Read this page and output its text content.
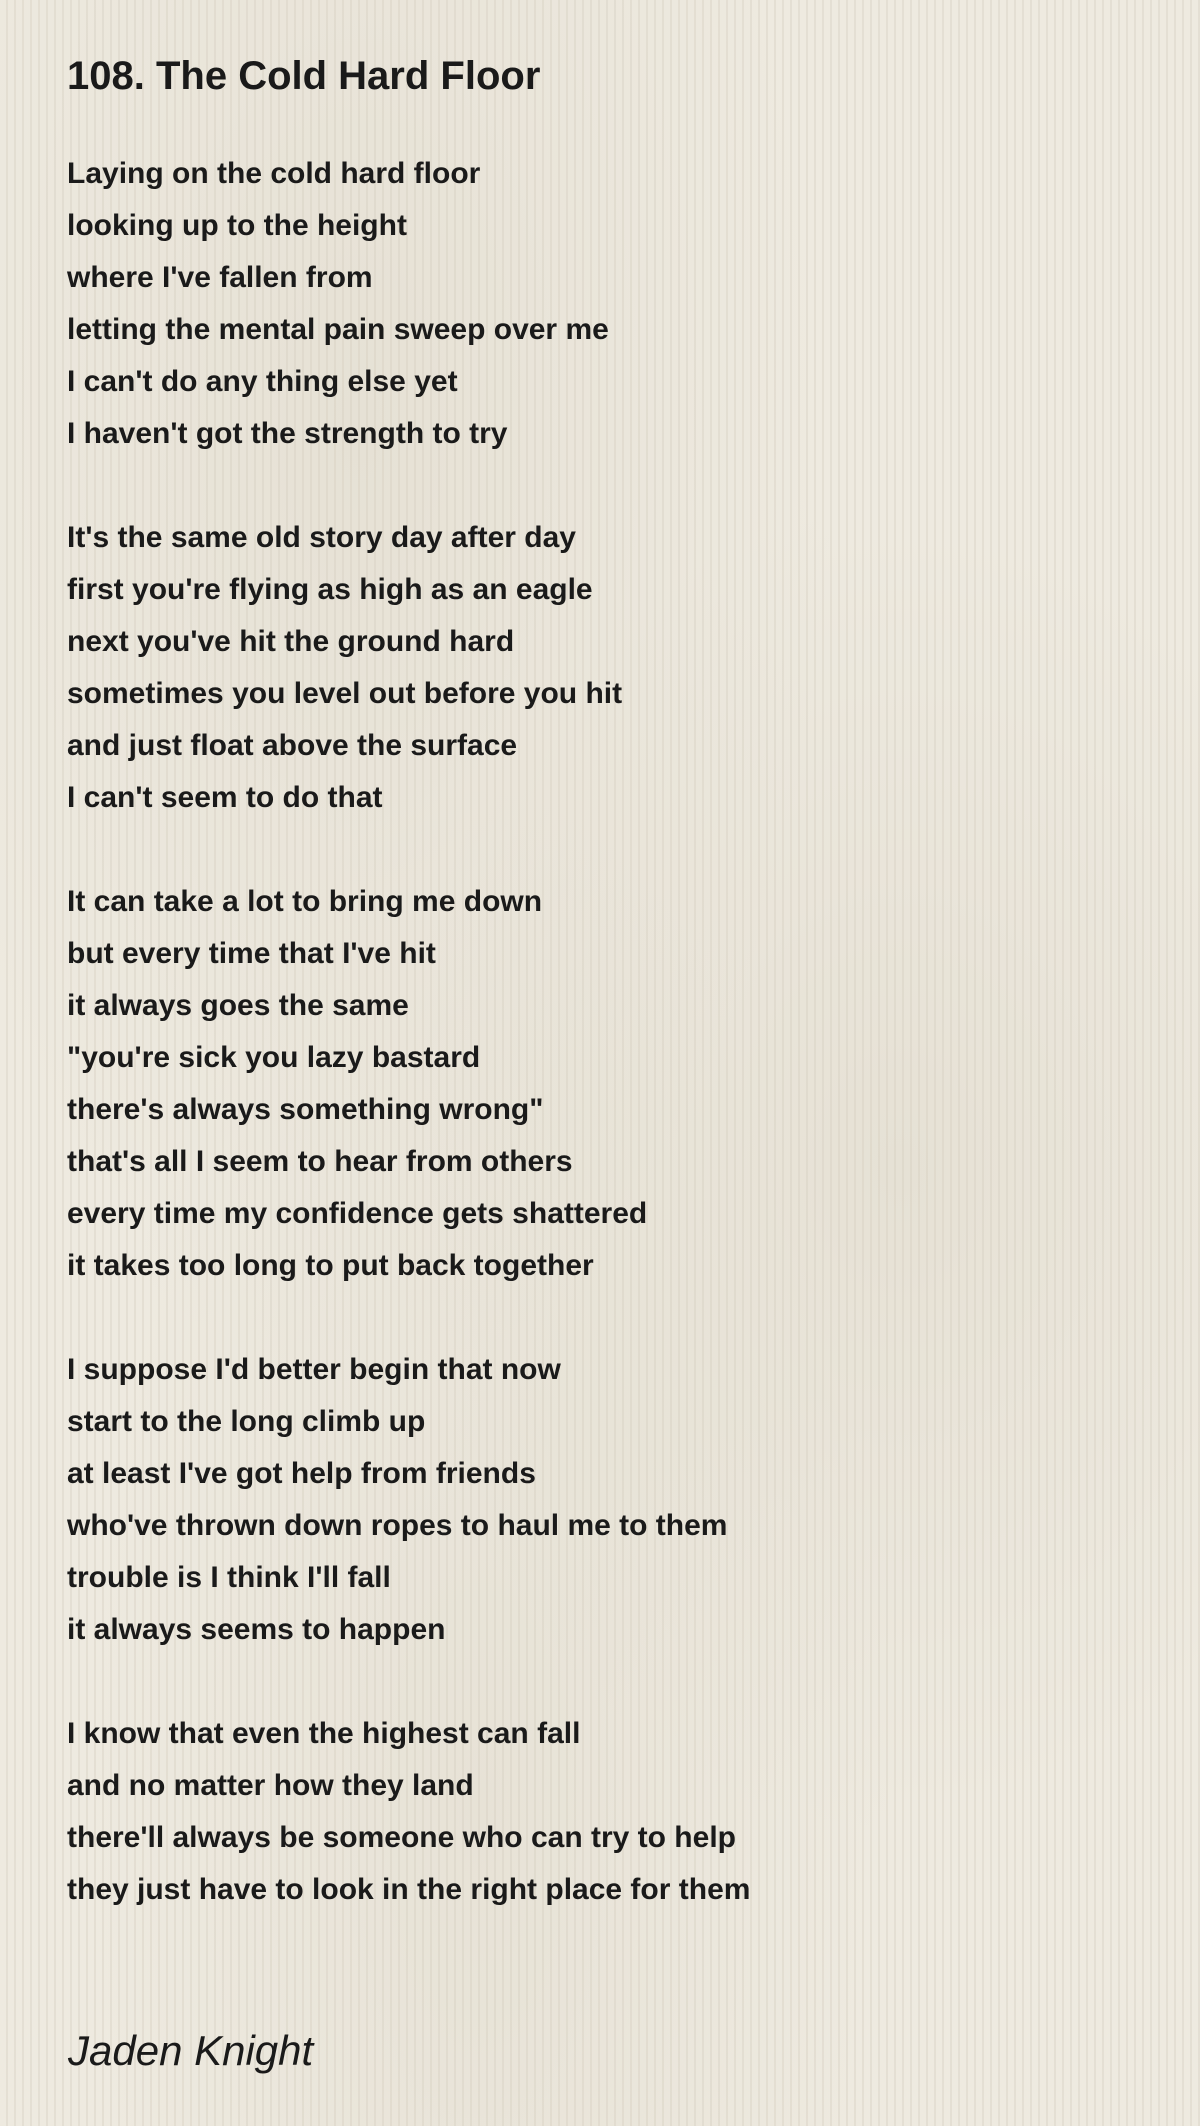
108. The Cold Hard Floor
Laying on the cold hard floor
looking up to the height
where I've fallen from
letting the mental pain sweep over me
I can't do any thing else yet
I haven't got the strength to try
It's the same old story day after day
first you're flying as high as an eagle
next you've hit the ground hard
sometimes you level out before you hit
and just float above the surface
I can't seem to do that
It can take a lot to bring me down
but every time that I've hit
it always goes the same
"you're sick you lazy bastard
there's always something wrong"
that's all I seem to hear from others
every time my confidence gets shattered
it takes too long to put back together
I suppose I'd better begin that now
start to the long climb up
at least I've got help from friends
who've thrown down ropes to haul me to them
trouble is I think I'll fall
it always seems to happen
I know that even the highest can fall
and no matter how they land
there'll always be someone who can try to help
they just have to look in the right place for them

Jaden Knight
